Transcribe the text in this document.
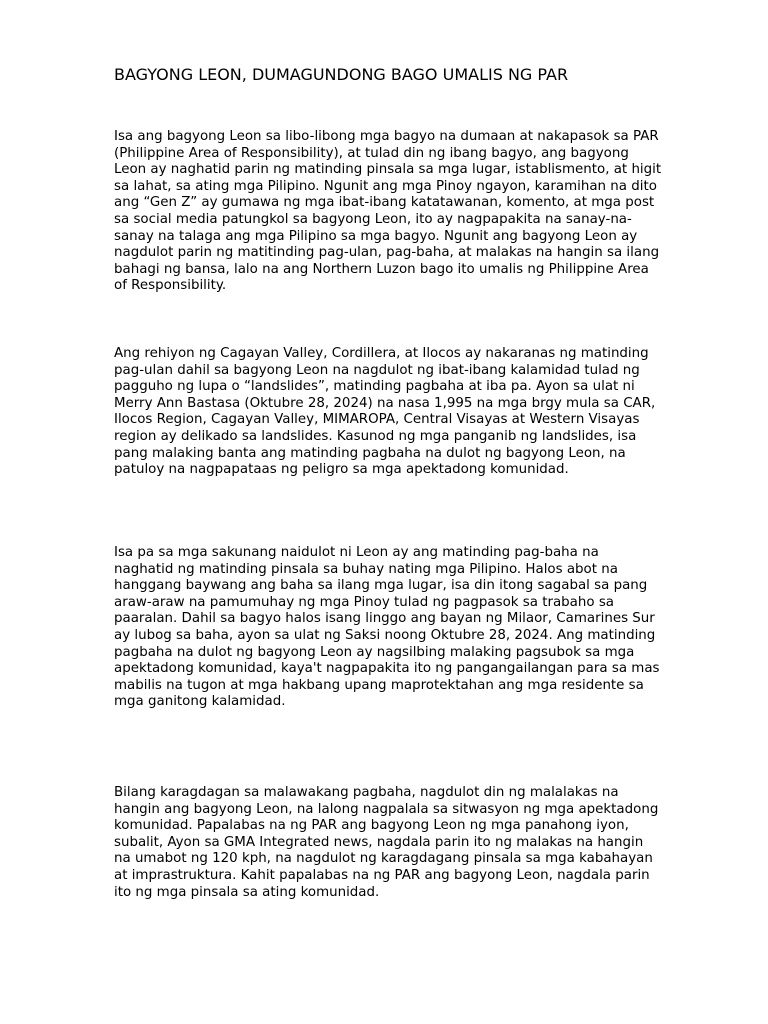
BAGYONG LEON, DUMAGUNDONG BAGO UMALIS NG PAR

Isa ang bagyong Leon sa libo-libong mga bagyo na dumaan at nakapasok sa PAR (Philippine Area of Responsibility), at tulad din ng ibang bagyo, ang bagyong Leon ay naghatid parin ng matinding pinsala sa mga lugar, istablismento, at higit sa lahat, sa ating mga Pilipino. Ngunit ang mga Pinoy ngayon, karamihan na dito ang “Gen Z” ay gumawa ng mga ibat-ibang katatawanan, komento, at mga post sa social media patungkol sa bagyong Leon, ito ay nagpapakita na sanay-na-sanay na talaga ang mga Pilipino sa mga bagyo. Ngunit ang bagyong Leon ay nagdulot parin ng matitinding pag-ulan, pag-baha, at malakas na hangin sa ilang bahagi ng bansa, lalo na ang Northern Luzon bago ito umalis ng Philippine Area of Responsibility.

Ang rehiyon ng Cagayan Valley, Cordillera, at Ilocos ay nakaranas ng matinding pag-ulan dahil sa bagyong Leon na nagdulot ng ibat-ibang kalamidad tulad ng pagguho ng lupa o “landslides”, matinding pagbaha at iba pa. Ayon sa ulat ni Merry Ann Bastasa (Oktubre 28, 2024) na nasa 1,995 na mga brgy mula sa CAR, Ilocos Region, Cagayan Valley, MIMAROPA, Central Visayas at Western Visayas region ay delikado sa landslides. Kasunod ng mga panganib ng landslides, isa pang malaking banta ang matinding pagbaha na dulot ng bagyong Leon, na patuloy na nagpapataas ng peligro sa mga apektadong komunidad.

Isa pa sa mga sakunang naidulot ni Leon ay ang matinding pag-baha na naghatid ng matinding pinsala sa buhay nating mga Pilipino. Halos abot na hanggang baywang ang baha sa ilang mga lugar, isa din itong sagabal sa pang araw-araw na pamumuhay ng mga Pinoy tulad ng pagpasok sa trabaho sa paaralan. Dahil sa bagyo halos isang linggo ang bayan ng Milaor, Camarines Sur ay lubog sa baha, ayon sa ulat ng Saksi noong Oktubre 28, 2024. Ang matinding pagbaha na dulot ng bagyong Leon ay nagsilbing malaking pagsubok sa mga apektadong komunidad, kaya't nagpapakita ito ng pangangailangan para sa mas mabilis na tugon at mga hakbang upang maprotektahan ang mga residente sa mga ganitong kalamidad.

Bilang karagdagan sa malawakang pagbaha, nagdulot din ng malalakas na hangin ang bagyong Leon, na lalong nagpalala sa sitwasyon ng mga apektadong komunidad. Papalabas na ng PAR ang bagyong Leon ng mga panahong iyon, subalit, Ayon sa GMA Integrated news, nagdala parin ito ng malakas na hangin na umabot ng 120 kph, na nagdulot ng karagdagang pinsala sa mga kabahayan at imprastruktura. Kahit papalabas na ng PAR ang bagyong Leon, nagdala parin ito ng mga pinsala sa ating komunidad.
